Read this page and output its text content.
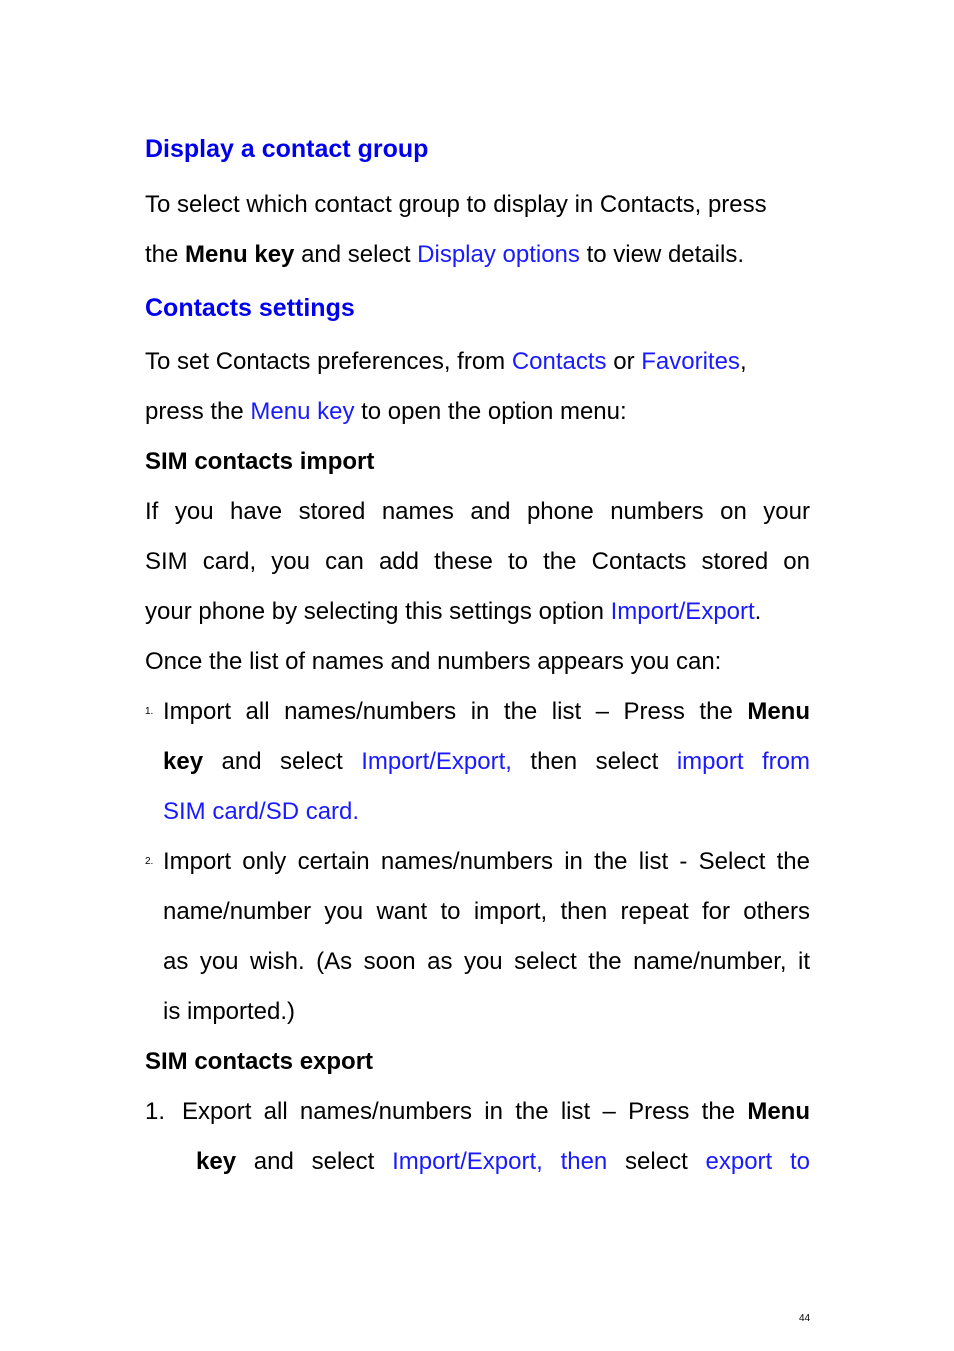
Display a contact group
To select which contact group to display in Contacts, press
the Menu key and select Display options to view details.
Contacts settings
To set Contacts preferences, from Contacts or Favorites,
press the Menu key to open the option menu:
SIM contacts import
If you have stored names and phone numbers on your
SIM card, you can add these to the Contacts stored on
your phone by selecting this settings option Import/Export.
Once the list of names and numbers appears you can:
1. Import all names/numbers in the list – Press the Menu
key and select Import/Export, then select import from
SIM card/SD card.
2. Import only certain names/numbers in the list - Select the
name/number you want to import, then repeat for others
as you wish. (As soon as you select the name/number, it
is imported.)
SIM contacts export
1. Export all names/numbers in the list – Press the Menu
key and select Import/Export, then select export to
44
